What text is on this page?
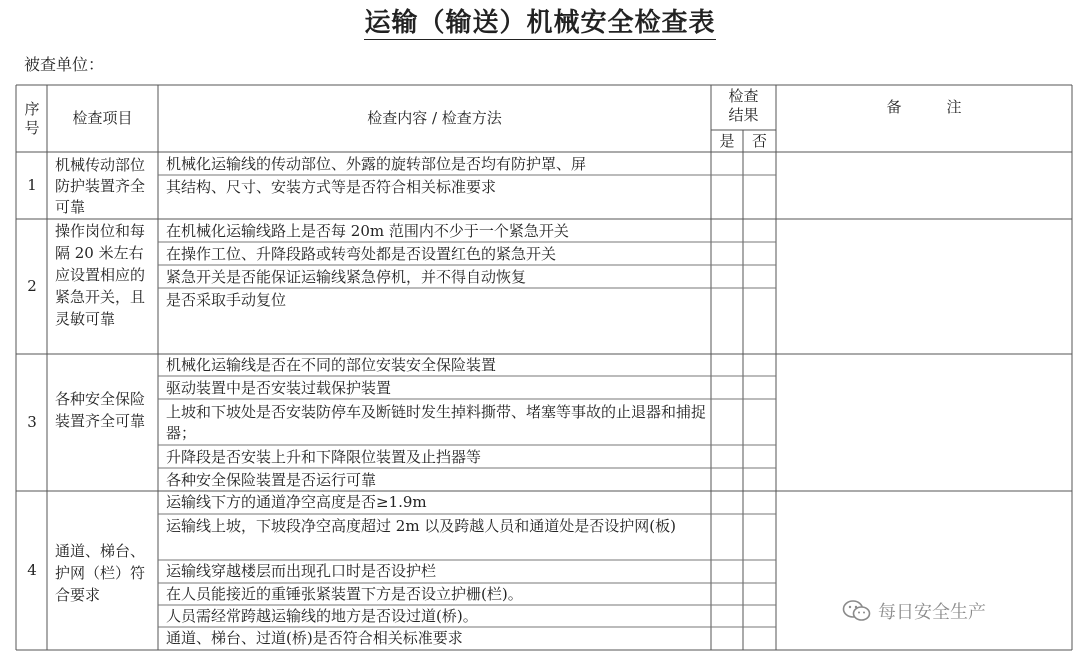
运输（输送）机械安全检查表
被查单位：
序号
检查项目	检查内容 / 检查方法
检查结果
是	否
备　　　注
1
机械传动部位防护装置齐全可靠
机械化运输线的传动部位、外露的旋转部位是否均有防护罩、屏
其结构、尺寸、安装方式等是否符合相关标准要求
2
操作岗位和每隔 20 米左右应设置相应的紧急开关，且灵敏可靠
在机械化运输线路上是否每 20m 范围内不少于一个紧急开关
在操作工位、升降段路或转弯处都是否设置红色的紧急开关
紧急开关是否能保证运输线紧急停机，并不得自动恢复
是否采取手动复位
3
各种安全保险装置齐全可靠
机械化运输线是否在不同的部位安装安全保险装置
驱动装置中是否安装过载保护装置
上坡和下坡处是否安装防停车及断链时发生掉料撕带、堵塞等事故的止退器和捕捉器；
升降段是否安装上升和下降限位装置及止挡器等
各种安全保险装置是否运行可靠
4
通道、梯台、护网（栏）符合要求
运输线下方的通道净空高度是否≥1.9m
运输线上坡，下坡段净空高度超过 2m 以及跨越人员和通道处是否设护网(板)
运输线穿越楼层而出现孔口时是否设护栏
在人员能接近的重锤张紧装置下方是否设立护栅(栏)。
人员需经常跨越运输线的地方是否设过道(桥)。
通道、梯台、过道(桥)是否符合相关标准要求
每日安全生产
